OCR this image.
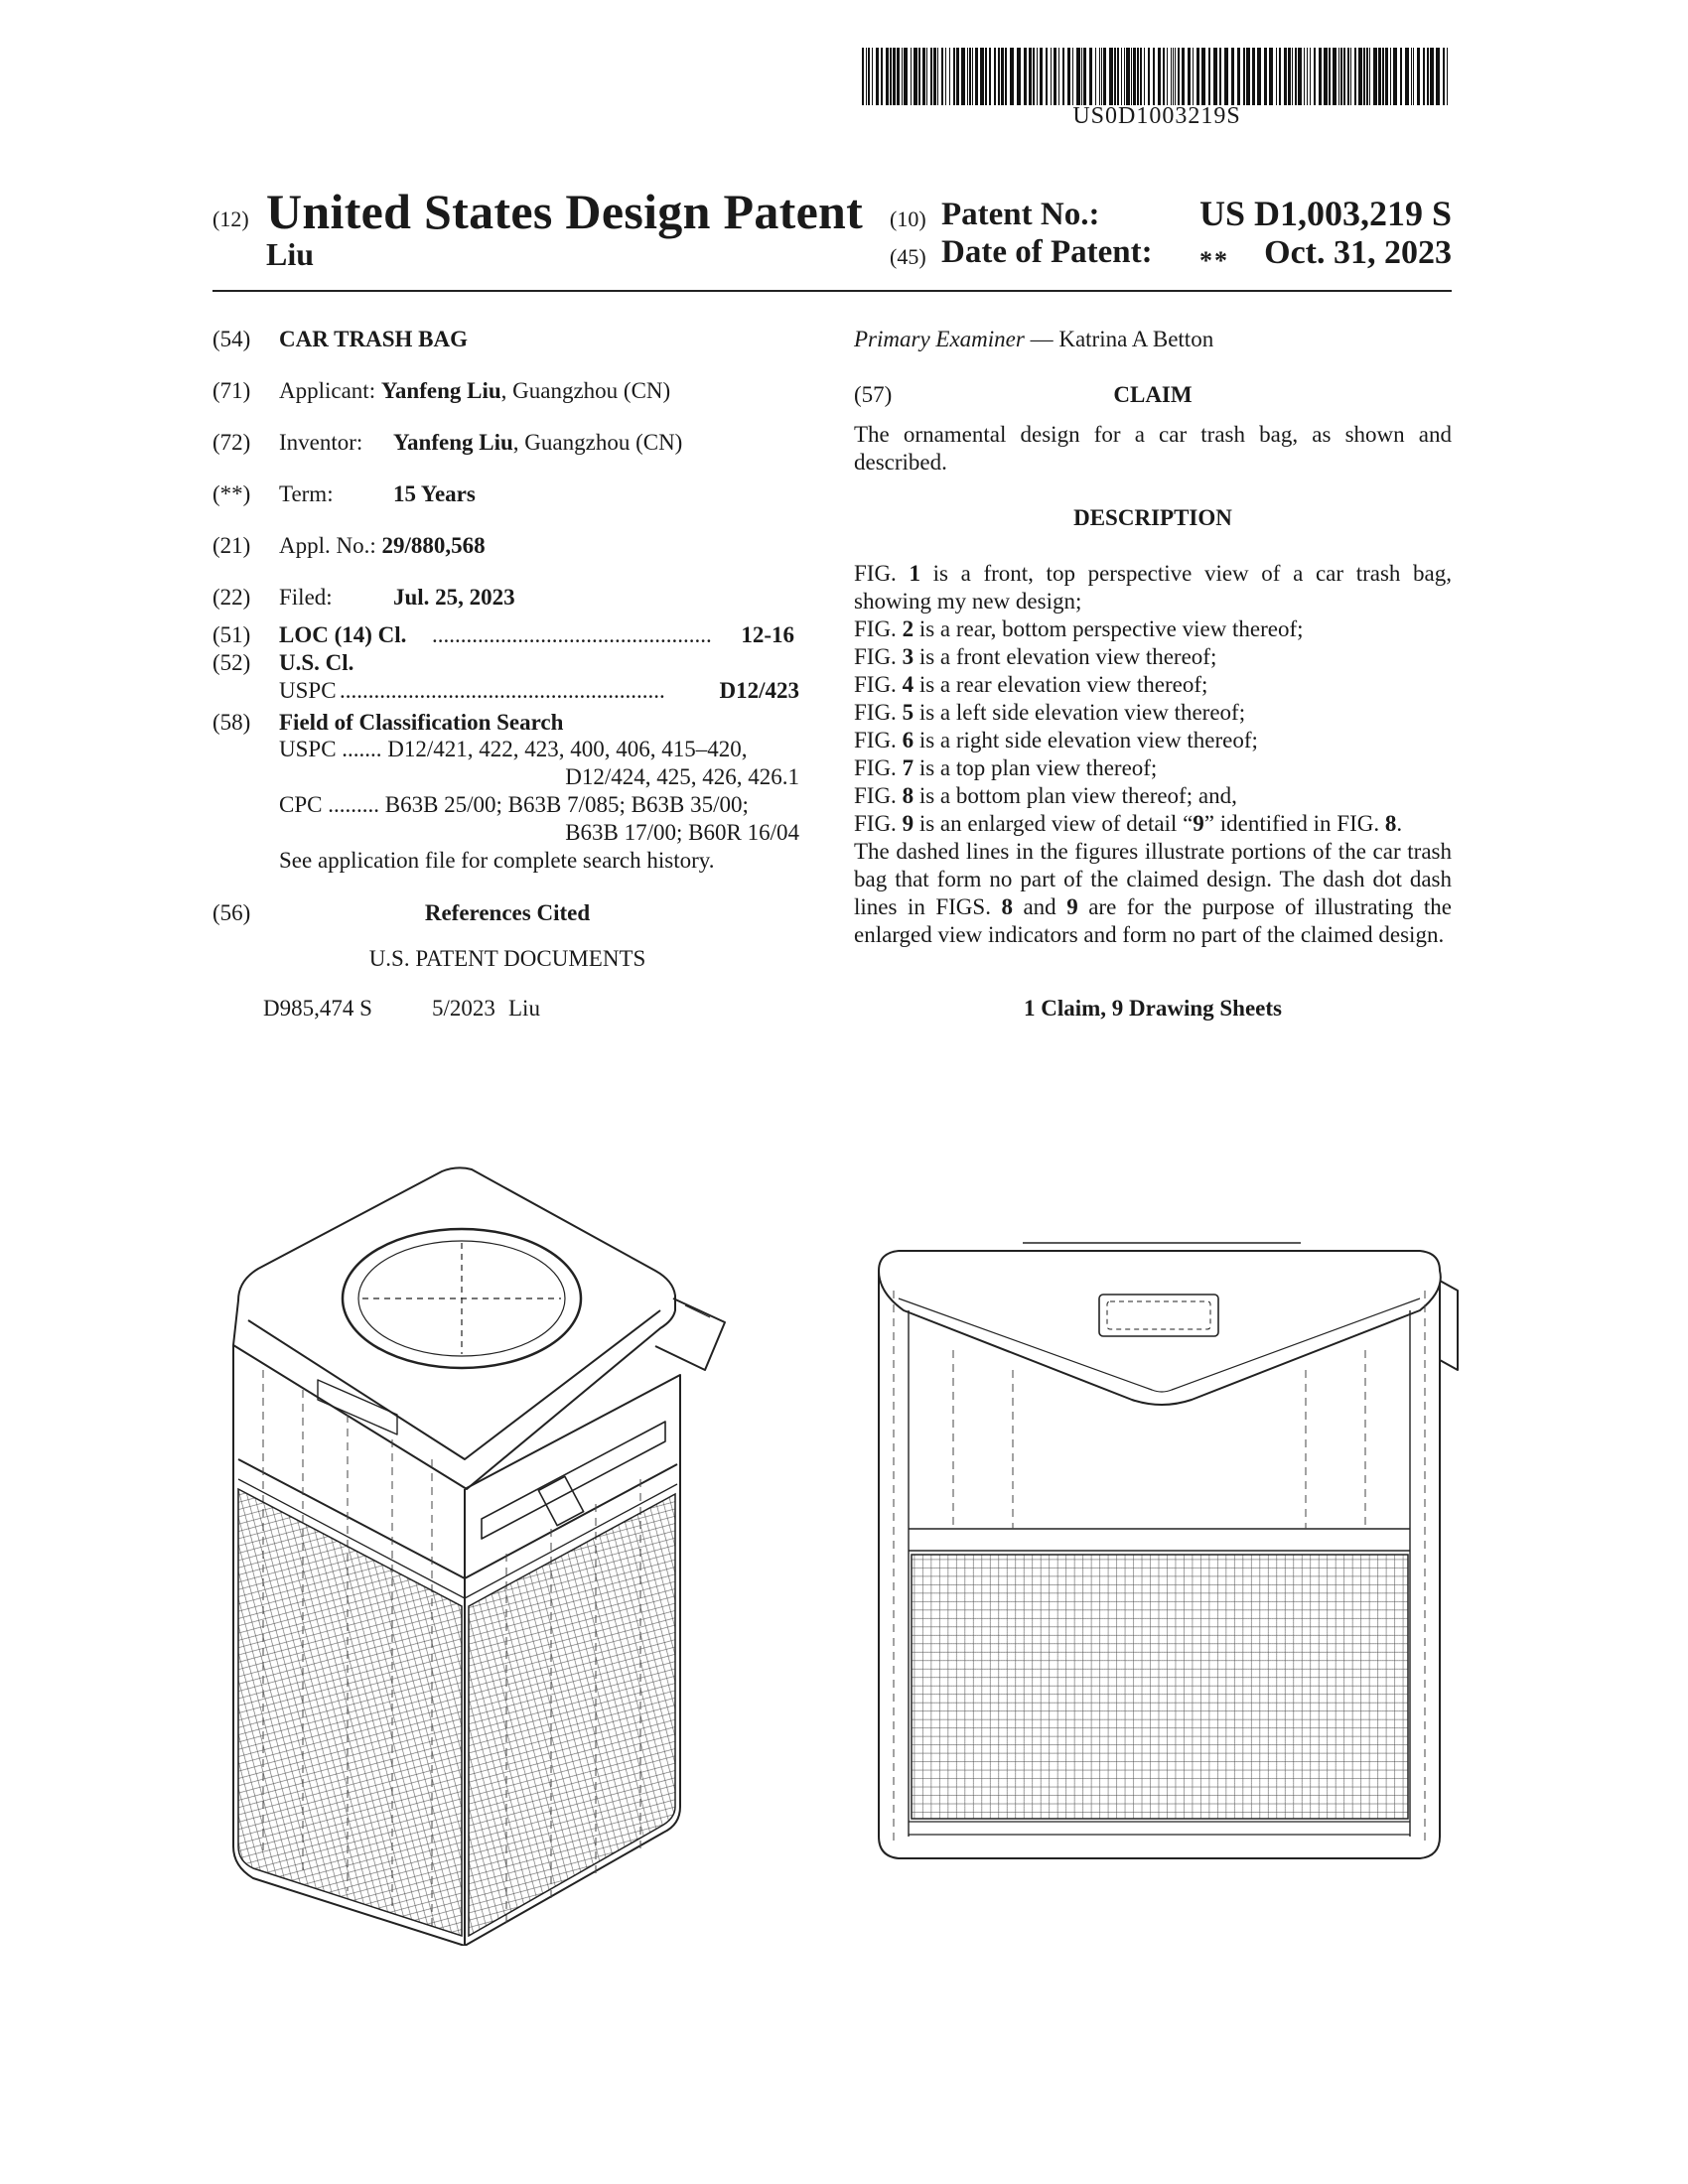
US0D1003219S
(12) United States Design Patent
Liu
(10) Patent No.:	US D1,003,219 S
(45) Date of Patent: **	Oct. 31, 2023
(54) CAR TRASH BAG
(71) Applicant: Yanfeng Liu, Guangzhou (CN)
(72) Inventor: Yanfeng Liu, Guangzhou (CN)
(**) Term:	15 Years
(21) Appl. No.: 29/880,568
(22) Filed:	Jul. 25, 2023
(51) LOC (14) Cl. .................................................	12-16
(52) U.S. Cl.
USPC .........................................................	D12/423
(58) Field of Classification Search
USPC ....... D12/421, 422, 423, 400, 406, 415–420,
D12/424, 425, 426, 426.1
CPC ......... B63B 25/00; B63B 7/085; B63B 35/00;
B63B 17/00; B60R 16/04
See application file for complete search history.
(56)	References Cited
U.S. PATENT DOCUMENTS
D985,474 S	5/2023 Liu
Primary Examiner — Katrina A Betton
(57)	CLAIM
The ornamental design for a car trash bag, as shown and described.
DESCRIPTION
FIG. 1 is a front, top perspective view of a car trash bag,
showing my new design;
FIG. 2 is a rear, bottom perspective view thereof;
FIG. 3 is a front elevation view thereof;
FIG. 4 is a rear elevation view thereof;
FIG. 5 is a left side elevation view thereof;
FIG. 6 is a right side elevation view thereof;
FIG. 7 is a top plan view thereof;
FIG. 8 is a bottom plan view thereof; and,
FIG. 9 is an enlarged view of detail “9” identified in FIG. 8.
The dashed lines in the figures illustrate portions of the car trash bag that form no part of the claimed design. The dash dot dash lines in FIGS. 8 and 9 are for the purpose of illustrating the enlarged view indicators and form no part of the claimed design.
1 Claim, 9 Drawing Sheets
